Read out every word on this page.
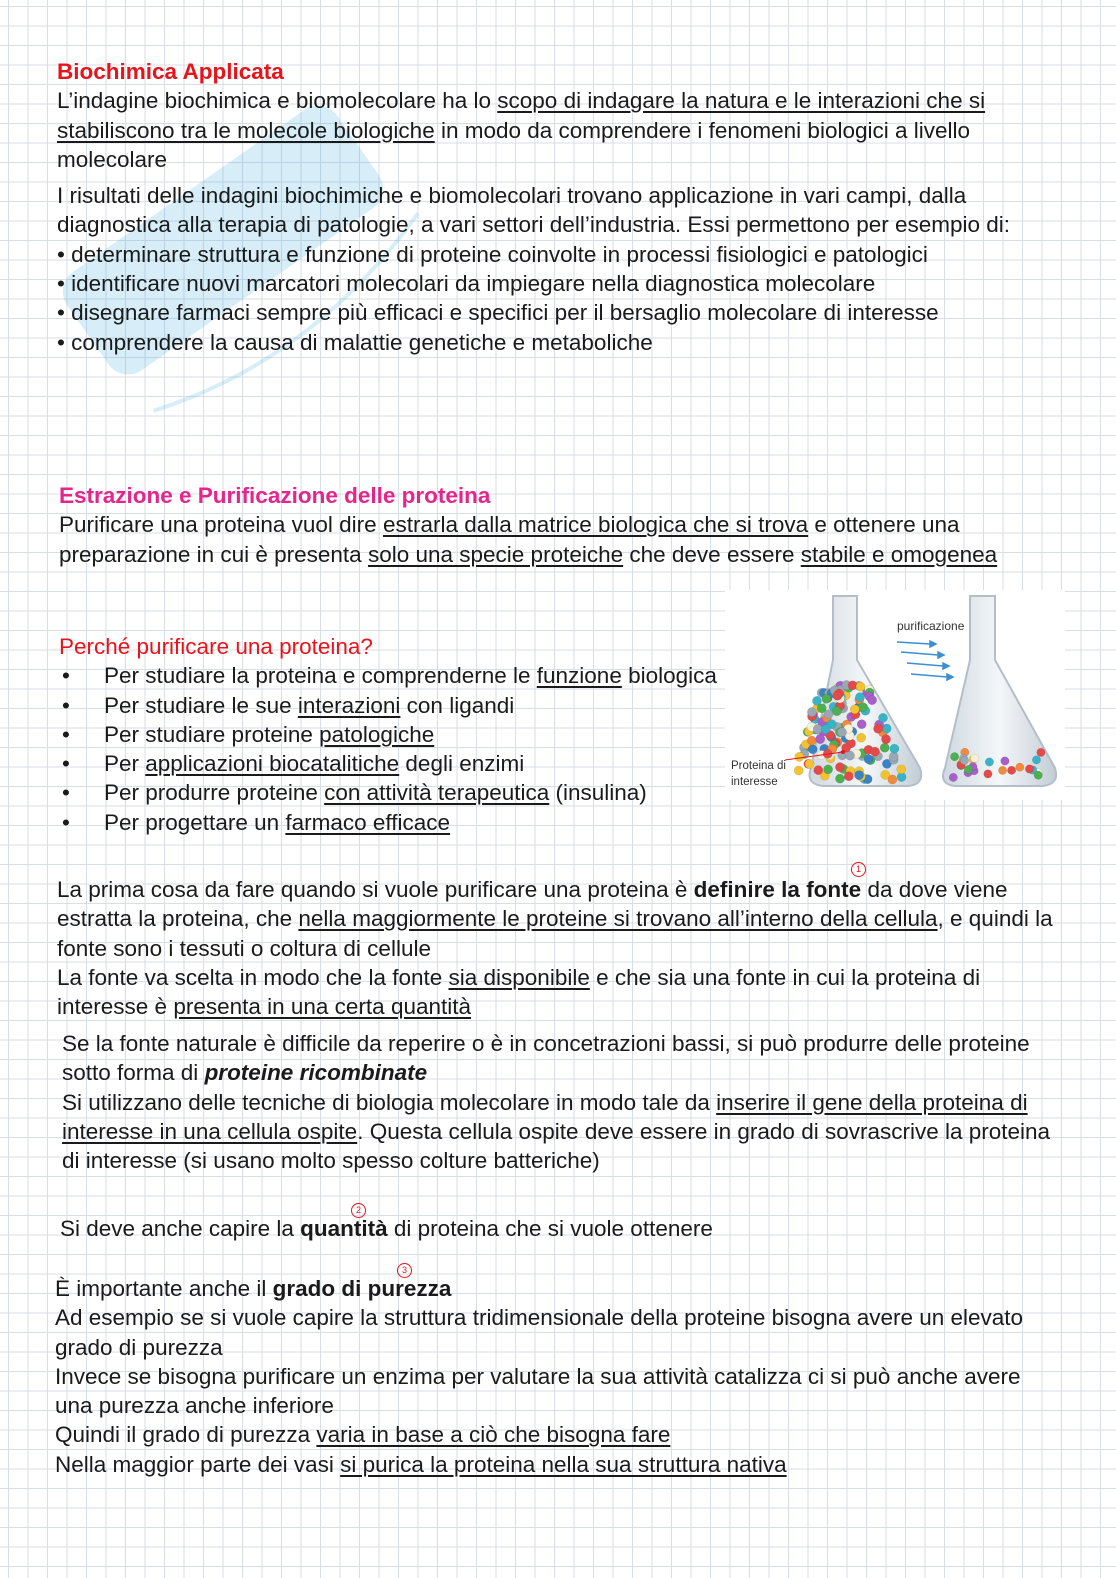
Biochimica Applicata

L’indagine biochimica e biomolecolare ha lo scopo di indagare la natura e le interazioni che si stabiliscono tra le molecole biologiche in modo da comprendere i fenomeni biologici a livello molecolare

I risultati delle indagini biochimiche e biomolecolari trovano applicazione in vari campi, dalla diagnostica alla terapia di patologie, a vari settori dell’industria. Essi permettono per esempio di:

• determinare struttura e funzione di proteine coinvolte in processi fisiologici e patologici

• identificare nuovi marcatori molecolari da impiegare nella diagnostica molecolare

• disegnare farmaci sempre più efficaci e specifici per il bersaglio molecolare di interesse

• comprendere la causa di malattie genetiche e metaboliche

Estrazione e Purificazione delle proteina

Purificare una proteina vuol dire estrarla dalla matrice biologica che si trova e ottenere una preparazione in cui è presenta solo una specie proteiche che deve essere stabile e omogenea

Perché purificare una proteina?

• Per studiare la proteina e comprenderne le funzione biologica
• Per studiare le sue interazioni con ligandi
• Per studiare proteine patologiche
• Per applicazioni biocatalitiche degli enzimi
• Per produrre proteine con attività terapeutica (insulina)
• Per progettare un farmaco efficace
purificazione
Proteina di
interesse

La prima cosa da fare quando si vuole purificare una proteina è definire la fonte da dove viene estratta la proteina, che nella maggiormente le proteine si trovano all’interno della cellula, e quindi la fonte sono i tessuti o coltura di cellule

La fonte va scelta in modo che la fonte sia disponibile e che sia una fonte in cui la proteina di interesse è presenta in una certa quantità

1

Se la fonte naturale è difficile da reperire o è in concetrazioni bassi, si può produrre delle proteine sotto forma di proteine ricombinate

Si utilizzano delle tecniche di biologia molecolare in modo tale da inserire il gene della proteina di interesse in una cellula ospite. Questa cellula ospite deve essere in grado di sovrascrive la proteina di interesse (si usano molto spesso colture batteriche)

Si deve anche capire la quantità di proteina che si vuole ottenere

2

È importante anche il grado di purezza

Ad esempio se si vuole capire la struttura tridimensionale della proteine bisogna avere un elevato grado di purezza

Invece se bisogna purificare un enzima per valutare la sua attività catalizza ci si può anche avere una purezza anche inferiore

Quindi il grado di purezza varia in base a ciò che bisogna fare

Nella maggior parte dei vasi si purica la proteina nella sua struttura nativa

3
